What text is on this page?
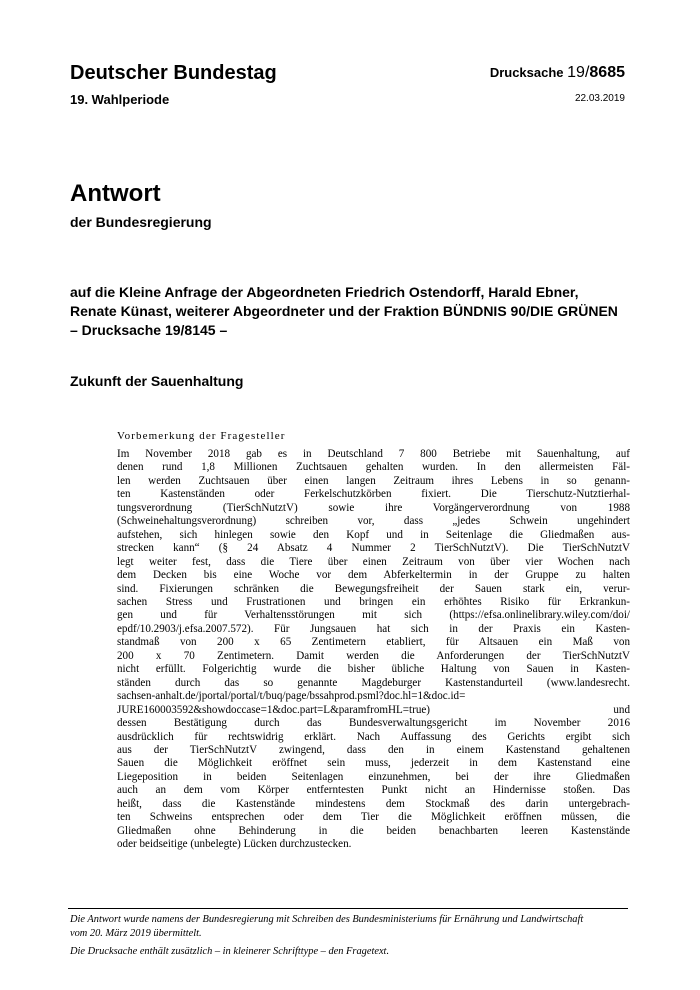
Deutscher Bundestag
19. Wahlperiode
Drucksache 19/8685
22.03.2019
Antwort
der Bundesregierung
auf die Kleine Anfrage der Abgeordneten Friedrich Ostendorff, Harald Ebner,
Renate Künast, weiterer Abgeordneter und der Fraktion BÜNDNIS 90/DIE GRÜNEN
– Drucksache 19/8145 –
Zukunft der Sauenhaltung
Vorbemerkung der Fragesteller
Im November 2018 gab es in Deutschland 7 800 Betriebe mit Sauenhaltung, auf
denen rund 1,8 Millionen Zuchtsauen gehalten wurden. In den allermeisten Fäl-
len werden Zuchtsauen über einen langen Zeitraum ihres Lebens in so genann-
ten Kastenständen oder Ferkelschutzkörben fixiert. Die Tierschutz-Nutztierhal-
tungsverordnung (TierSchNutztV) sowie ihre Vorgängerverordnung von 1988
(Schweinehaltungsverordnung) schreiben vor, dass „jedes Schwein ungehindert
aufstehen, sich hinlegen sowie den Kopf und in Seitenlage die Gliedmaßen aus-
strecken kann“ (§ 24 Absatz 4 Nummer 2 TierSchNutztV). Die TierSchNutztV
legt weiter fest, dass die Tiere über einen Zeitraum von über vier Wochen nach
dem Decken bis eine Woche vor dem Abferkeltermin in der Gruppe zu halten
sind. Fixierungen schränken die Bewegungsfreiheit der Sauen stark ein, verur-
sachen Stress und Frustrationen und bringen ein erhöhtes Risiko für Erkrankun-
gen und für Verhaltensstörungen mit sich (https://efsa.onlinelibrary.wiley.com/doi/
epdf/10.2903/j.efsa.2007.572). Für Jungsauen hat sich in der Praxis ein Kasten-
standmaß von 200 x 65 Zentimetern etabliert, für Altsauen ein Maß von
200 x 70 Zentimetern. Damit werden die Anforderungen der TierSchNutztV
nicht erfüllt. Folgerichtig wurde die bisher übliche Haltung von Sauen in Kasten-
ständen durch das so genannte Magdeburger Kastenstandurteil (www.landesrecht.
sachsen-anhalt.de/jportal/portal/t/buq/page/bssahprod.psml?doc.hl=1&doc.id=
JURE160003592&showdoccase=1&doc.part=L&paramfromHL=true) und
dessen Bestätigung durch das Bundesverwaltungsgericht im November 2016
ausdrücklich für rechtswidrig erklärt. Nach Auffassung des Gerichts ergibt sich
aus der TierSchNutztV zwingend, dass den in einem Kastenstand gehaltenen
Sauen die Möglichkeit eröffnet sein muss, jederzeit in dem Kastenstand eine
Liegeposition in beiden Seitenlagen einzunehmen, bei der ihre Gliedmaßen
auch an dem vom Körper entferntesten Punkt nicht an Hindernisse stoßen. Das
heißt, dass die Kastenstände mindestens dem Stockmaß des darin untergebrach-
ten Schweins entsprechen oder dem Tier die Möglichkeit eröffnen müssen, die
Gliedmaßen ohne Behinderung in die beiden benachbarten leeren Kastenstände
oder beidseitige (unbelegte) Lücken durchzustecken.
Die Antwort wurde namens der Bundesregierung mit Schreiben des Bundesministeriums für Ernährung und Landwirtschaft
vom 20. März 2019 übermittelt.
Die Drucksache enthält zusätzlich – in kleinerer Schrifttype – den Fragetext.
